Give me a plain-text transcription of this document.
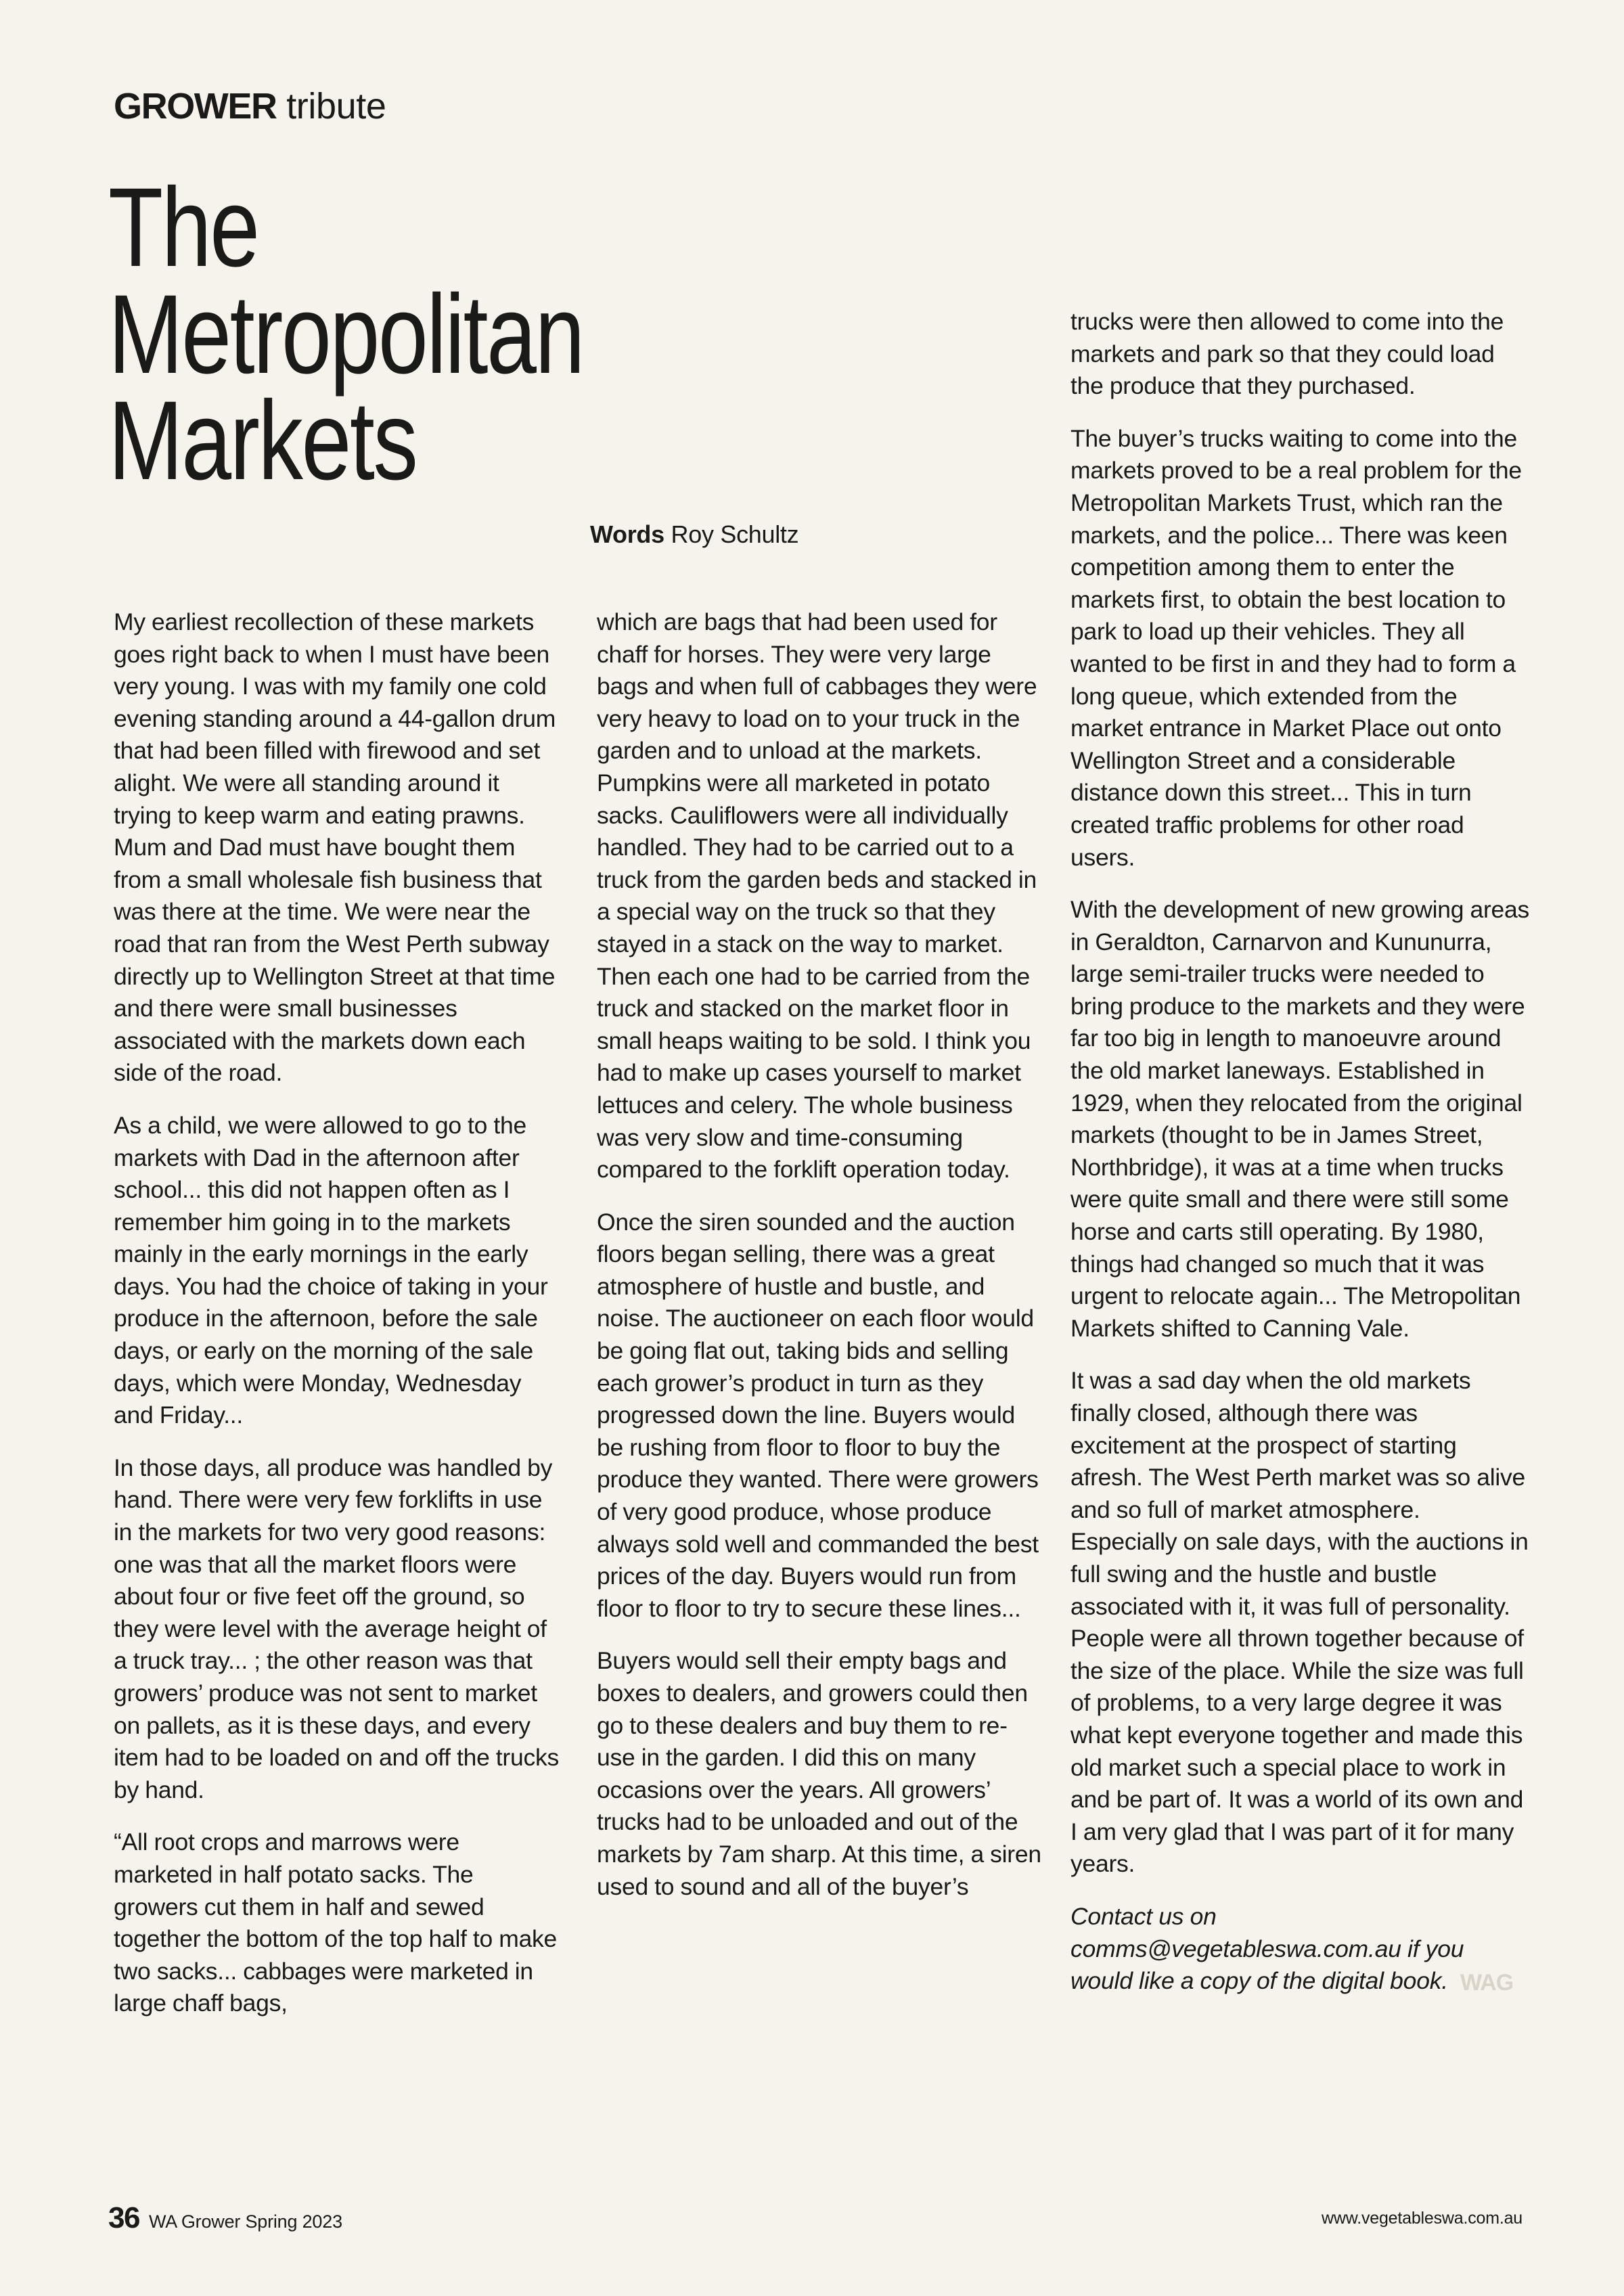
GROWER tribute
The
Metropolitan
Markets
Words Roy Schultz

My earliest recollection of these markets goes right back to when I must have been very young. I was with my family one cold evening standing around a 44-gallon drum that had been filled with firewood and set alight. We were all standing around it trying to keep warm and eating prawns. Mum and Dad must have bought them from a small wholesale fish business that was there at the time. We were near the road that ran from the West Perth subway directly up to Wellington Street at that time and there were small businesses associated with the markets down each side of the road.

As a child, we were allowed to go to the markets with Dad in the afternoon after school... this did not happen often as I remember him going in to the markets mainly in the early mornings in the early days. You had the choice of taking in your produce in the afternoon, before the sale days, or early on the morning of the sale days, which were Monday, Wednesday and Friday...

In those days, all produce was handled by hand. There were very few forklifts in use in the markets for two very good reasons: one was that all the market floors were about four or five feet off the ground, so they were level with the average height of a truck tray... ; the other reason was that growers’ produce was not sent to market on pallets, as it is these days, and every item had to be loaded on and off the trucks by hand.

“All root crops and marrows were marketed in half potato sacks. The growers cut them in half and sewed together the bottom of the top half to make two sacks... cabbages were marketed in large chaff bags,

which are bags that had been used for chaff for horses. They were very large bags and when full of cabbages they were very heavy to load on to your truck in the garden and to unload at the markets. Pumpkins were all marketed in potato sacks. Cauliflowers were all individually handled. They had to be carried out to a truck from the garden beds and stacked in a special way on the truck so that they stayed in a stack on the way to market. Then each one had to be carried from the truck and stacked on the market floor in small heaps waiting to be sold. I think you had to make up cases yourself to market lettuces and celery. The whole business was very slow and time-consuming compared to the forklift operation today.

Once the siren sounded and the auction floors began selling, there was a great atmosphere of hustle and bustle, and noise. The auctioneer on each floor would be going flat out, taking bids and selling each grower’s product in turn as they progressed down the line. Buyers would be rushing from floor to floor to buy the produce they wanted. There were growers of very good produce, whose produce always sold well and commanded the best prices of the day. Buyers would run from floor to floor to try to secure these lines...

Buyers would sell their empty bags and boxes to dealers, and growers could then go to these dealers and buy them to re-use in the garden. I did this on many occasions over the years. All growers’ trucks had to be unloaded and out of the markets by 7am sharp. At this time, a siren used to sound and all of the buyer’s

trucks were then allowed to come into the markets and park so that they could load the produce that they purchased.

The buyer’s trucks waiting to come into the markets proved to be a real problem for the Metropolitan Markets Trust, which ran the markets, and the police... There was keen competition among them to enter the markets first, to obtain the best location to park to load up their vehicles. They all wanted to be first in and they had to form a long queue, which extended from the market entrance in Market Place out onto Wellington Street and a considerable distance down this street... This in turn created traffic problems for other road users.

With the development of new growing areas in Geraldton, Carnarvon and Kununurra, large semi-trailer trucks were needed to bring produce to the markets and they were far too big in length to manoeuvre around the old market laneways. Established in 1929, when they relocated from the original markets (thought to be in James Street, Northbridge), it was at a time when trucks were quite small and there were still some horse and carts still operating. By 1980, things had changed so much that it was urgent to relocate again... The Metropolitan Markets shifted to Canning Vale.

It was a sad day when the old markets finally closed, although there was excitement at the prospect of starting afresh. The West Perth market was so alive and so full of market atmosphere. Especially on sale days, with the auctions in full swing and the hustle and bustle associated with it, it was full of personality. People were all thrown together because of the size of the place. While the size was full of problems, to a very large degree it was what kept everyone together and made this old market such a special place to work in and be part of. It was a world of its own and I am very glad that I was part of it for many years.

Contact us on comms@vegetableswa.com.au if you would like a copy of the digital book. WAG

36 WA Grower Spring 2023	www.vegetableswa.com.au
